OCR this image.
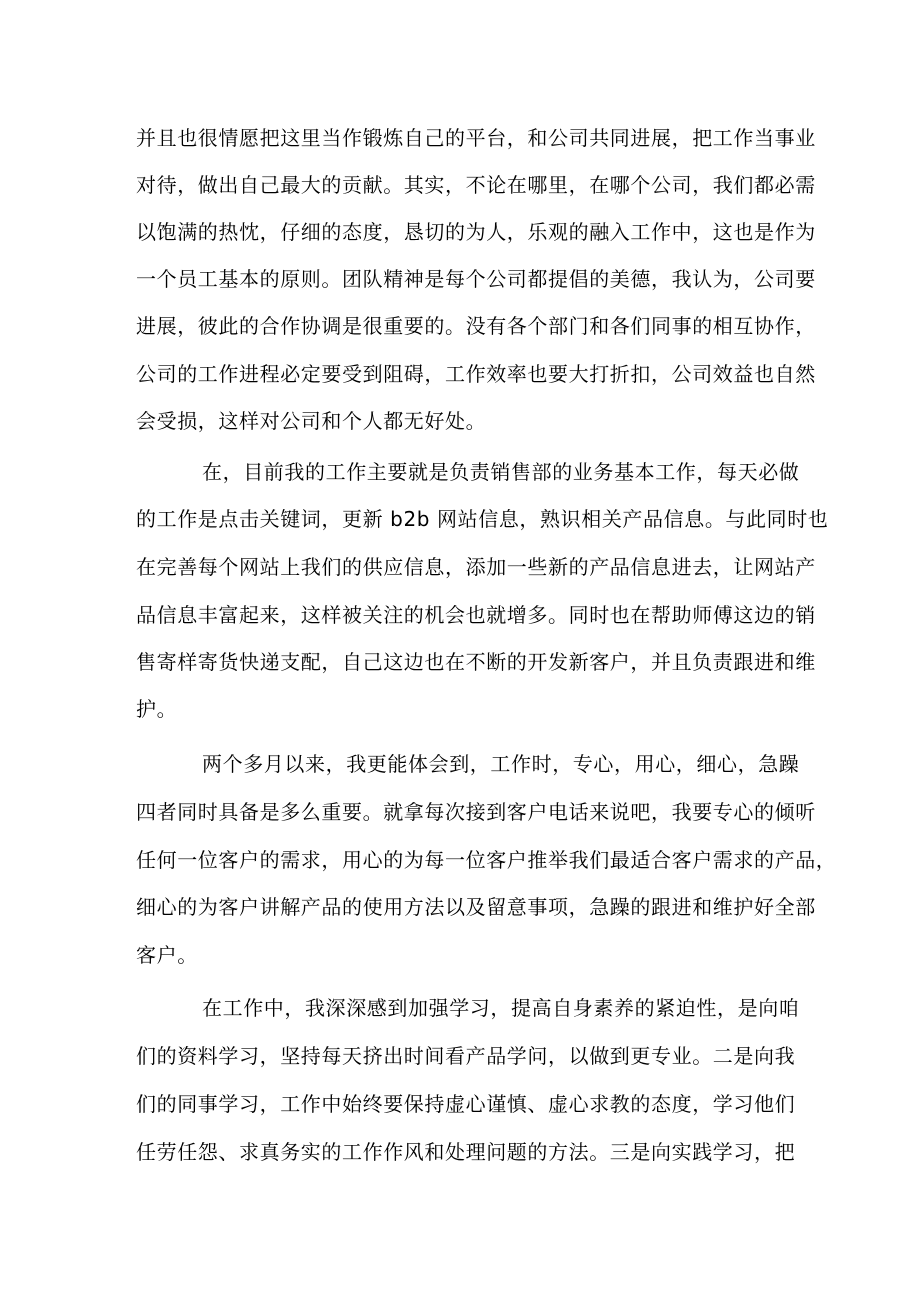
并且也很情愿把这里当作锻炼自己的平台，和公司共同进展，把工作当事业
对待，做出自己最大的贡献。其实，不论在哪里，在哪个公司，我们都必需
以饱满的热忱，仔细的态度，恳切的为人，乐观的融入工作中，这也是作为
一个员工基本的原则。团队精神是每个公司都提倡的美德，我认为，公司要
进展，彼此的合作协调是很重要的。没有各个部门和各们同事的相互协作，
公司的工作进程必定要受到阻碍，工作效率也要大打折扣，公司效益也自然
会受损，这样对公司和个人都无好处。
在，目前我的工作主要就是负责销售部的业务基本工作，每天必做
的工作是点击关键词，更新 b2b 网站信息，熟识相关产品信息。与此同时也
在完善每个网站上我们的供应信息，添加一些新的产品信息进去，让网站产
品信息丰富起来，这样被关注的机会也就增多。同时也在帮助师傅这边的销
售寄样寄货快递支配，自己这边也在不断的开发新客户，并且负责跟进和维
护。
两个多月以来，我更能体会到，工作时，专心，用心，细心，急躁
四者同时具备是多么重要。就拿每次接到客户电话来说吧，我要专心的倾听
任何一位客户的需求，用心的为每一位客户推举我们最适合客户需求的产品，
细心的为客户讲解产品的使用方法以及留意事项，急躁的跟进和维护好全部
客户。
在工作中，我深深感到加强学习，提高自身素养的紧迫性，是向咱
们的资料学习，坚持每天挤出时间看产品学问，以做到更专业。二是向我
们的同事学习，工作中始终要保持虚心谨慎、虚心求教的态度，学习他们
任劳任怨、求真务实的工作作风和处理问题的方法。三是向实践学习，把
